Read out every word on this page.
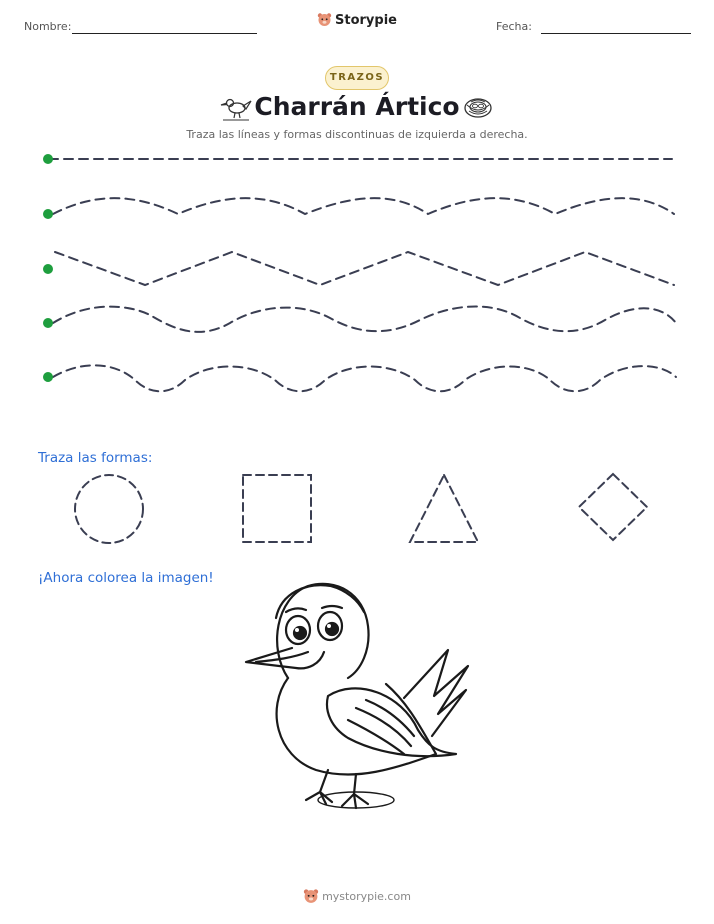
Nombre:	Storypie	Fecha:
TRAZOS
Charrán Ártico
Traza las líneas y formas discontinuas de izquierda a derecha.
Traza las formas:
¡Ahora colorea la imagen!
mystorypie.com
